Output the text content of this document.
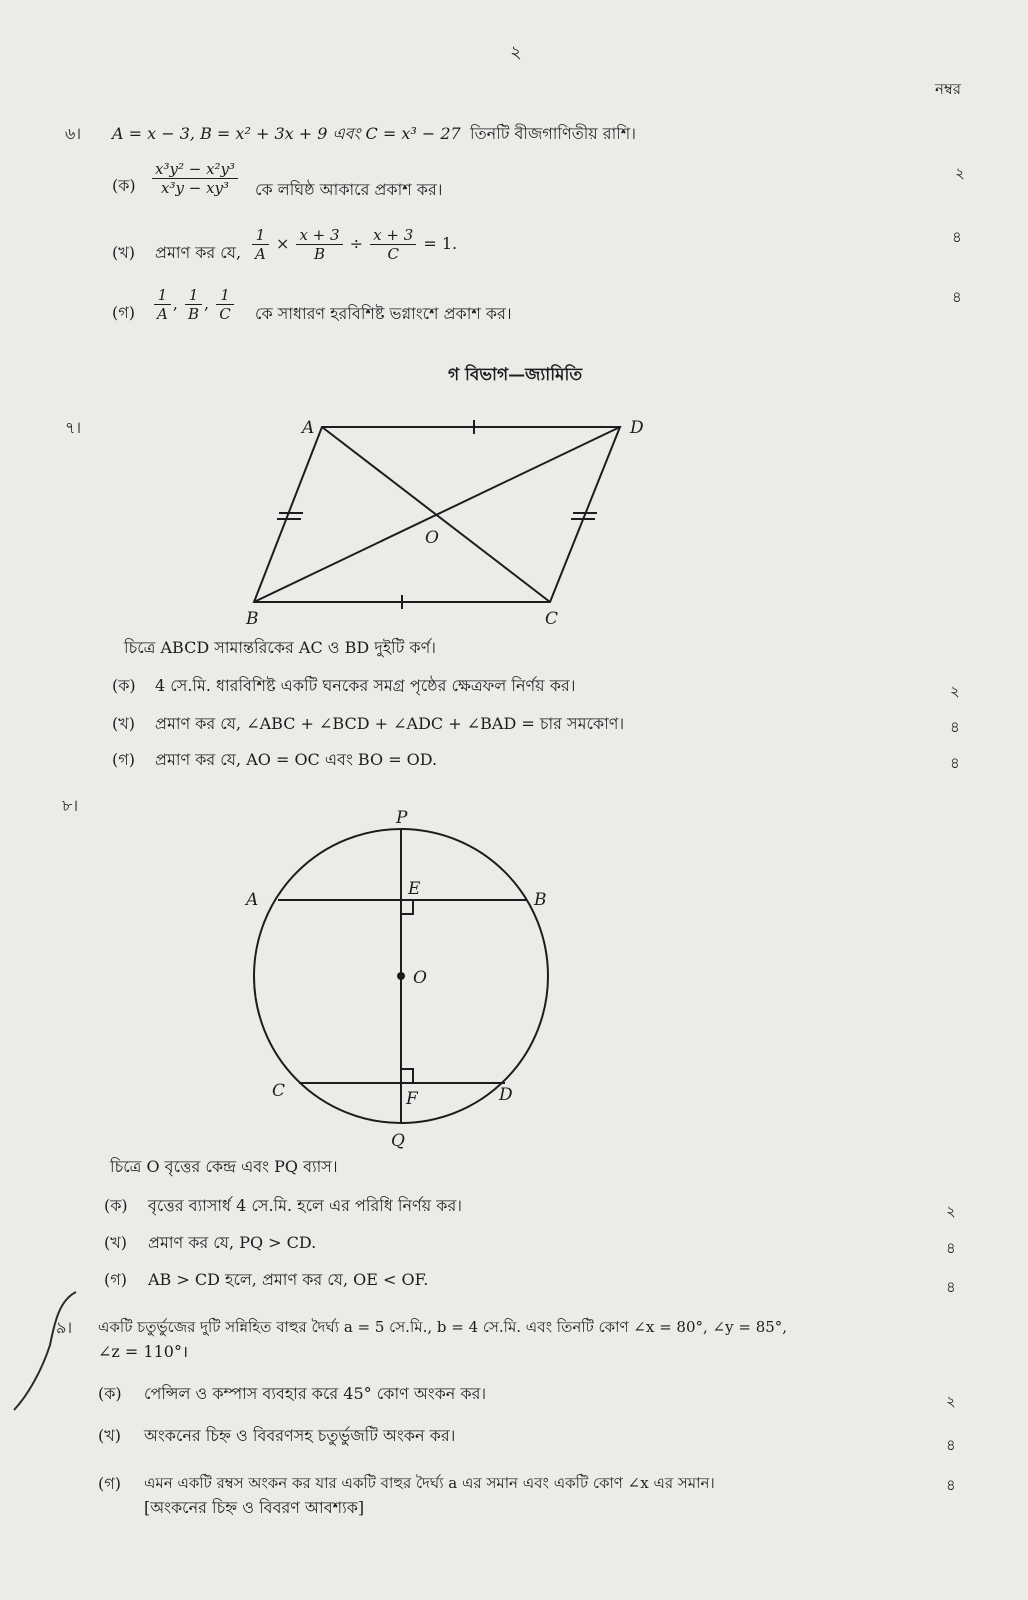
২
নম্বর
৬। A = x − 3, B = x² + 3x + 9 এবং C = x³ − 27 তিনটি বীজগাণিতীয় রাশি।
(ক) $\frac{\text{x³y² − x²y³}}{\text{x³y − xy³}}$ কে লঘিষ্ঠ আকারে প্রকাশ কর।
২
(খ) প্রমাণ কর যে, $\frac{1}{A} \times \frac{x + 3}{B} \div \frac{x + 3}{C} = 1$.	৪
(গ) $\frac{1}{A}$ , $\frac{1}{B}$ , $\frac{1}{C}$ কে সাধারণ হরবিশিষ্ট ভগ্নাংশে প্রকাশ কর।
৪
গ বিভাগ—জ্যামিতি
৭।	A	D
B	C
O
চিত্রে ABCD সামান্তরিকের AC ও BD দুইটি কর্ণ।
(ক) 4 সে.মি. ধারবিশিষ্ট একটি ঘনকের সমগ্র পৃষ্ঠের ক্ষেত্রফল নির্ণয় কর।	২
(খ) প্রমাণ কর যে, ∠ABC + ∠BCD + ∠ADC + ∠BAD = চার সমকোণ।	৪
(গ) প্রমাণ কর যে, AO = OC এবং BO = OD.	৪
৮।
P
A
E
B
O
C	F	D
Q
চিত্রে O বৃত্তের কেন্দ্র এবং PQ ব্যাস।
(ক) বৃত্তের ব্যাসার্ধ 4 সে.মি. হলে এর পরিধি নির্ণয় কর।	২
(খ) প্রমাণ কর যে, PQ > CD.	৪
(গ) AB > CD হলে, প্রমাণ কর যে, OE < OF.	৪
৯। একটি চতুর্ভুজের দুটি সন্নিহিত বাহুর দৈর্ঘ্য a = 5 সে.মি., b = 4 সে.মি. এবং তিনটি কোণ ∠x = 80°, ∠y = 85°,
∠z = 110°।
(ক) পেন্সিল ও কম্পাস ব্যবহার করে 45° কোণ অংকন কর।	২
(খ) অংকনের চিহ্ন ও বিবরণসহ চতুর্ভুজটি অংকন কর।	৪
(গ) এমন একটি রম্বস অংকন কর যার একটি বাহুর দৈর্ঘ্য a এর সমান এবং একটি কোণ ∠x এর সমান।
[অংকনের চিহ্ন ও বিবরণ আবশ্যক]
৪
